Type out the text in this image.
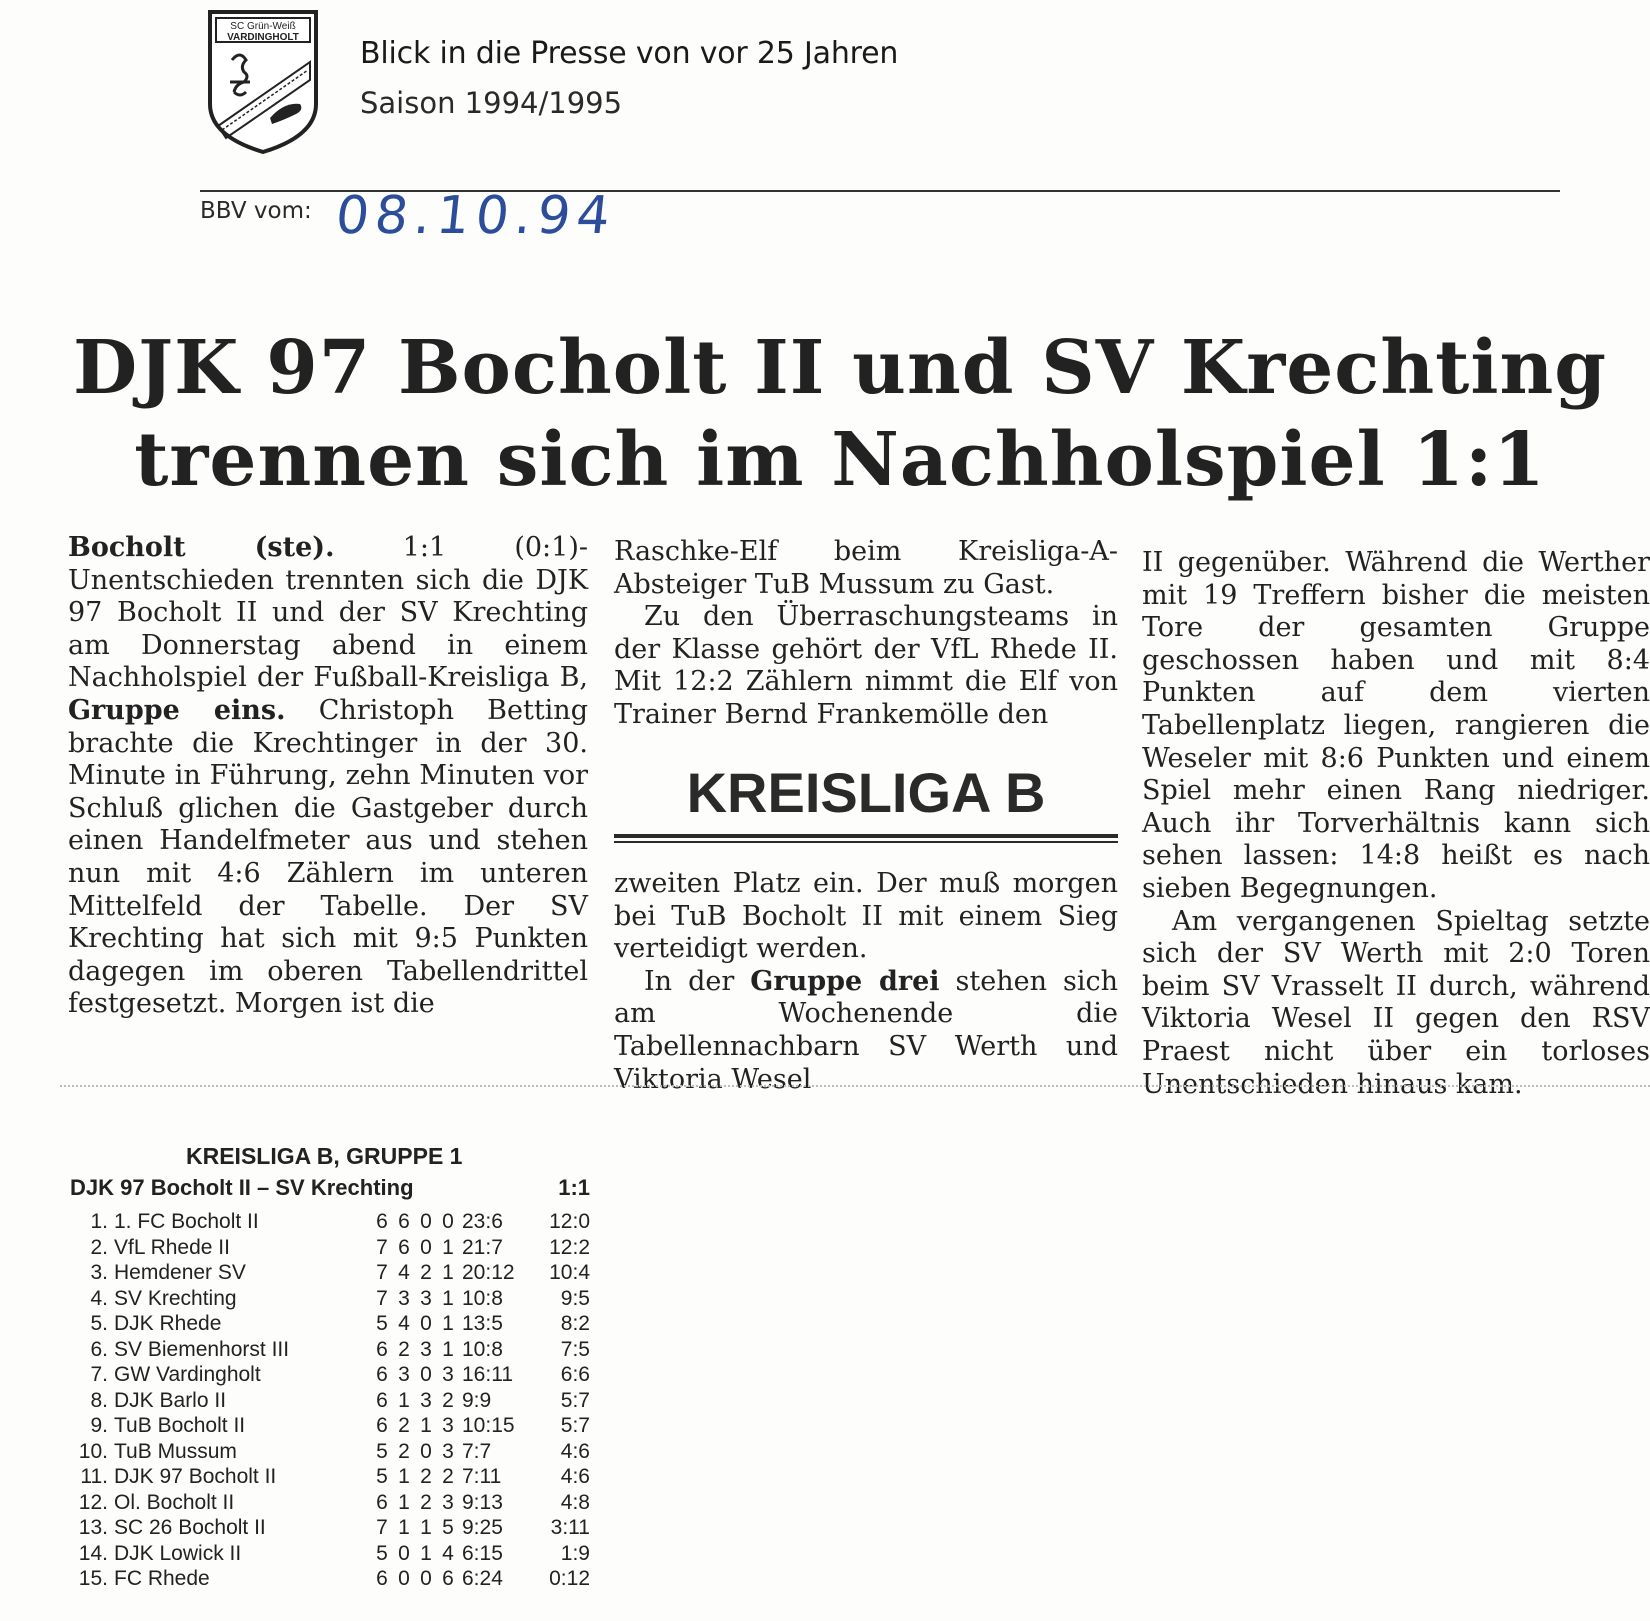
SC Grün-Weiß
VARDINGHOLT Blick in die Presse von vor 25 Jahren
Saison 1994/1995
BBV vom: 08.10.94
DJK 97 Bocholt II und SV Krechting
trennen sich im Nachholspiel 1:1

Bocholt (ste).	1:1 (0:1)-Unentschieden trennten sich die DJK 97 Bocholt II und der SV Krechting am Donnerstag abend in einem Nachholspiel der Fußball-Kreisliga B, Gruppe eins. Christoph Betting brachte die Krechtinger in der 30. Minute in Führung, zehn Minuten vor Schluß glichen die Gastgeber durch einen Handelfmeter aus und stehen nun mit 4:6 Zählern im unteren Mittelfeld der Tabelle. Der SV Krechting hat sich mit 9:5 Punkten dagegen im oberen Tabellendrittel festgesetzt. Morgen ist die

Raschke-Elf beim Kreisliga-A-Absteiger TuB Mussum zu Gast.

Zu den Überraschungsteams in der Klasse gehört der VfL Rhede II. Mit 12:2 Zählern nimmt die Elf von Trainer Bernd Frankemölle den

KREISLIGA B

zweiten Platz ein. Der muß morgen bei TuB Bocholt II mit einem Sieg verteidigt werden.

In der Gruppe drei stehen sich am Wochenende die Tabellennachbarn SV Werth und Viktoria Wesel

II gegenüber. Während die Werther mit 19 Treffern bisher die meisten Tore der gesamten Gruppe geschossen haben und mit 8:4 Punkten auf dem vierten Tabellenplatz liegen, rangieren die Weseler mit 8:6 Punkten und einem Spiel mehr einen Rang niedriger. Auch ihr Torverhältnis kann sich sehen lassen: 14:8 heißt es nach sieben Begegnungen.

Am vergangenen Spieltag setzte sich der SV Werth mit 2:0 Toren beim SV Vrasselt II durch, während Viktoria Wesel II gegen den RSV Praest nicht über ein torloses Unentschieden hinaus kam.

KREISLIGA B, GRUPPE 1
DJK 97 Bocholt II – SV Krechting	1:1
1. 1. FC Bocholt II	6 6 0 0 23:6	12:0
2. VfL Rhede II	7 6 0 1 21:7	12:2
3. Hemdener SV	7 4 2 1 20:12	10:4
4. SV Krechting	7 3 3 1 10:8	9:5
5. DJK Rhede	5 4 0 1 13:5	8:2
6. SV Biemenhorst III	6 2 3 1 10:8	7:5
7. GW Vardingholt	6 3 0 3 16:11	6:6
8. DJK Barlo II	6 1 3 2 9:9	5:7
9. TuB Bocholt II	6 2 1 3 10:15	5:7
10. TuB Mussum	5 2 0 3 7:7	4:6
11. DJK 97 Bocholt II	5 1 2 2 7:11	4:6
12. Ol. Bocholt II	6 1 2 3 9:13	4:8
13. SC 26 Bocholt II	7 1 1 5 9:25	3:11
14. DJK Lowick II	5 0 1 4 6:15	1:9
15. FC Rhede	6 0 0 6 6:24	0:12
